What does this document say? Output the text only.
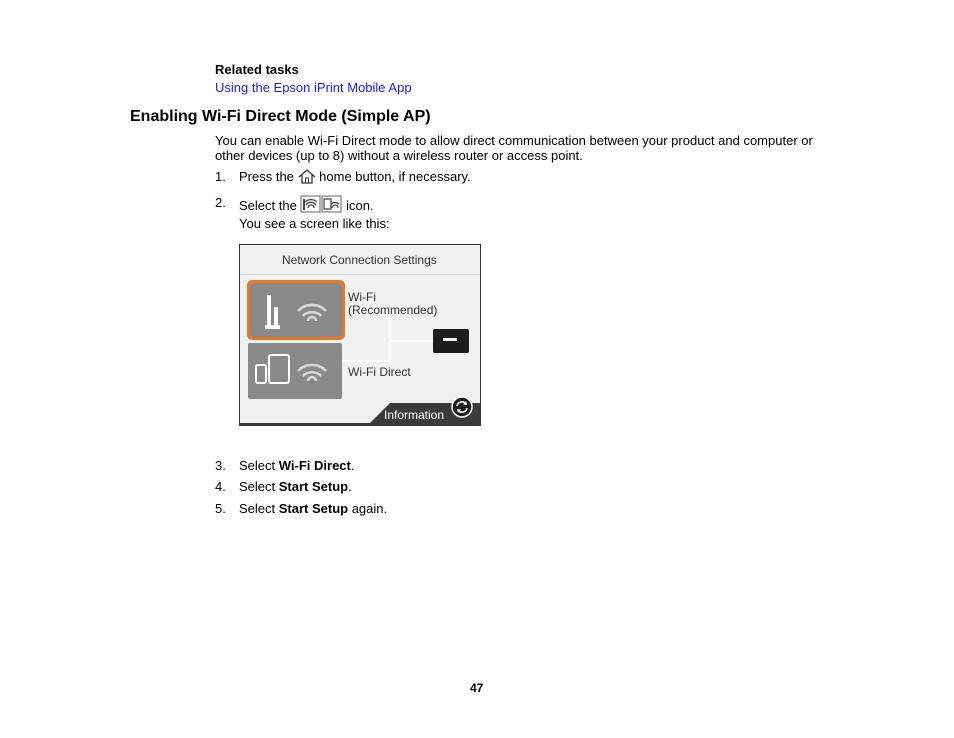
Related tasks
Using the Epson iPrint Mobile App
Enabling Wi-Fi Direct Mode (Simple AP)
You can enable Wi-Fi Direct mode to allow direct communication between your product and computer or other devices (up to 8) without a wireless router or access point.
1. Press the home button, if necessary.
2. Select the	icon.
You see a screen like this:
Network Connection Settings
Wi-Fi
(Recommended)
Wi-Fi Direct
Information
3. Select Wi-Fi Direct.
4. Select Start Setup.
5. Select Start Setup again.
47
